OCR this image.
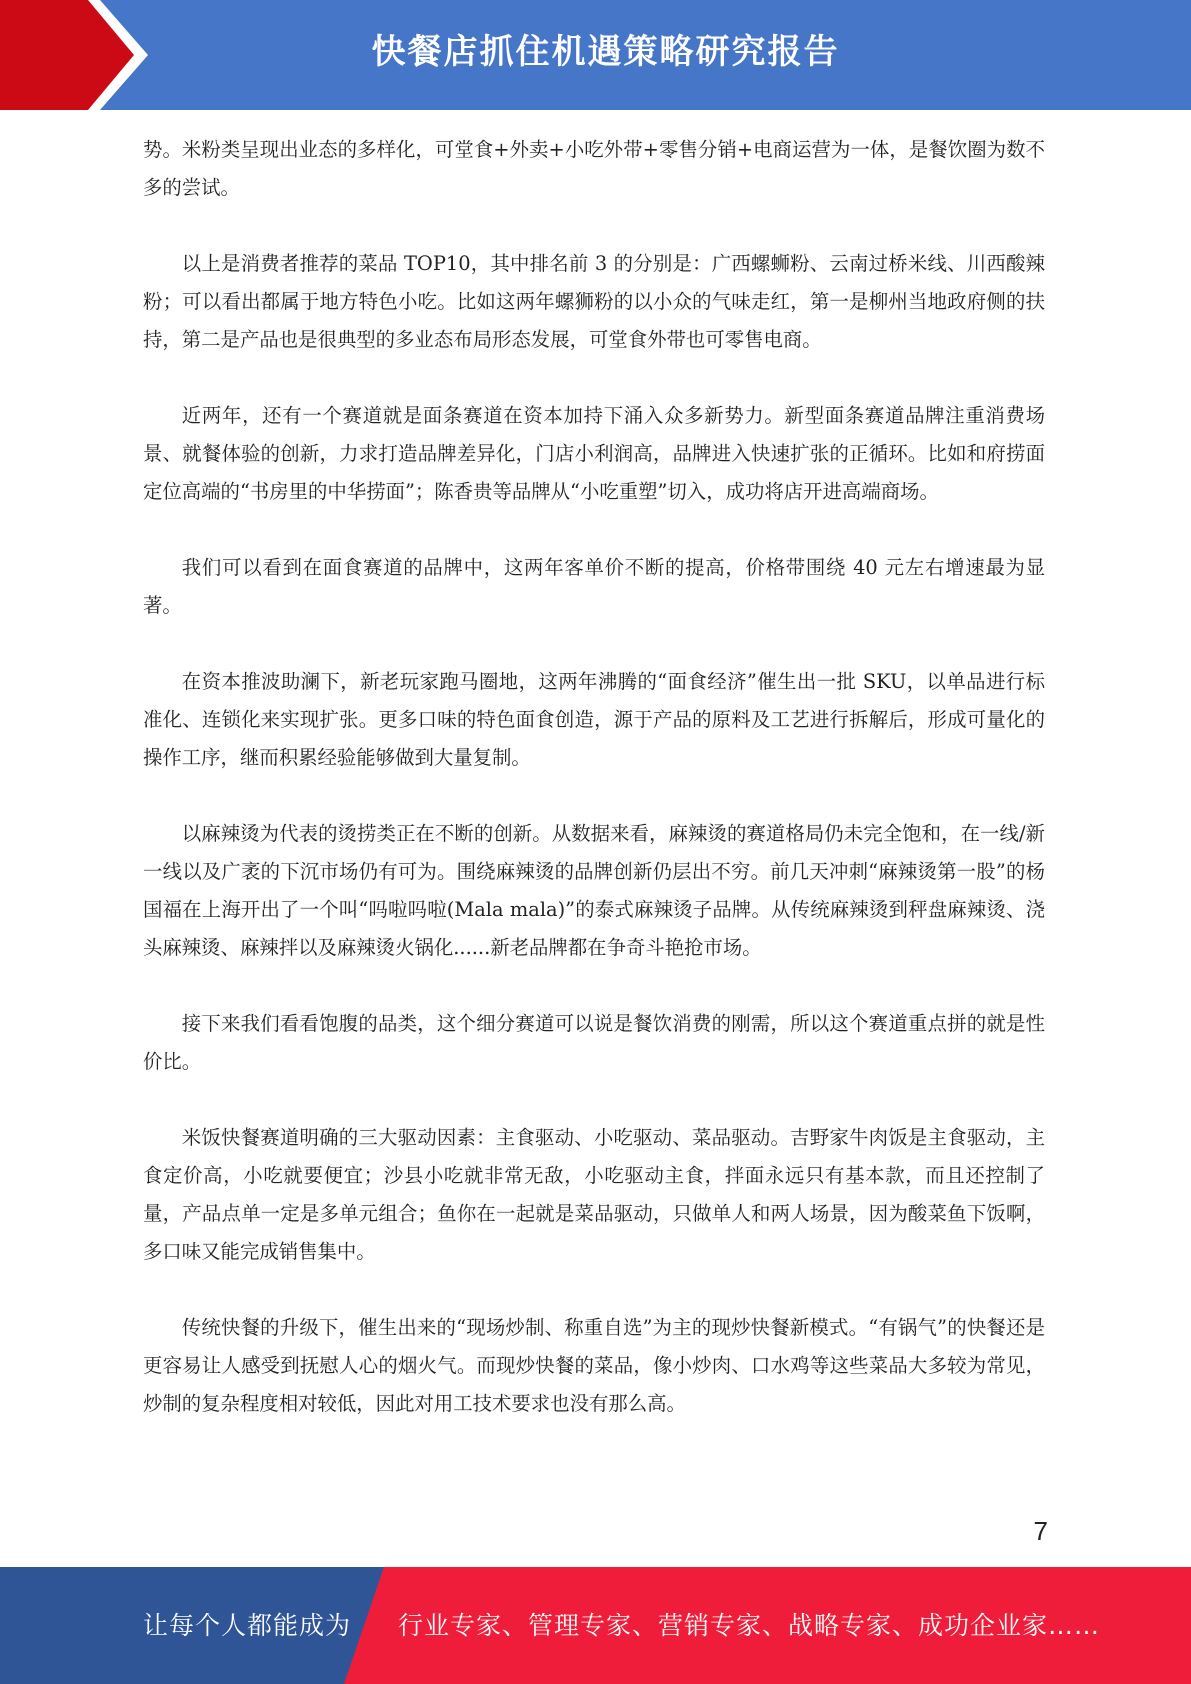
快餐店抓住机遇策略研究报告

势。米粉类呈现出业态的多样化，可堂食+外卖+小吃外带+零售分销+电商运营为一体，是餐饮圈为数不多的尝试。

以上是消费者推荐的菜品 TOP10，其中排名前 3 的分别是：广西螺蛳粉、云南过桥米线、川西酸辣粉；可以看出都属于地方特色小吃。比如这两年螺狮粉的以小众的气味走红，第一是柳州当地政府侧的扶持，第二是产品也是很典型的多业态布局形态发展，可堂食外带也可零售电商。

近两年，还有一个赛道就是面条赛道在资本加持下涌入众多新势力。新型面条赛道品牌注重消费场景、就餐体验的创新，力求打造品牌差异化，门店小利润高，品牌进入快速扩张的正循环。比如和府捞面定位高端的“书房里的中华捞面”；陈香贵等品牌从“小吃重塑”切入，成功将店开进高端商场。

我们可以看到在面食赛道的品牌中，这两年客单价不断的提高，价格带围绕 40 元左右增速最为显著。

在资本推波助澜下，新老玩家跑马圈地，这两年沸腾的“面食经济”催生出一批 SKU，以单品进行标准化、连锁化来实现扩张。更多口味的特色面食创造，源于产品的原料及工艺进行拆解后，形成可量化的操作工序，继而积累经验能够做到大量复制。

以麻辣烫为代表的烫捞类正在不断的创新。从数据来看，麻辣烫的赛道格局仍未完全饱和，在一线/新一线以及广袤的下沉市场仍有可为。围绕麻辣烫的品牌创新仍层出不穷。前几天冲刺“麻辣烫第一股”的杨国福在上海开出了一个叫“吗啦吗啦(Mala mala)”的泰式麻辣烫子品牌。从传统麻辣烫到秤盘麻辣烫、浇头麻辣烫、麻辣拌以及麻辣烫火锅化......新老品牌都在争奇斗艳抢市场。

接下来我们看看饱腹的品类，这个细分赛道可以说是餐饮消费的刚需，所以这个赛道重点拼的就是性价比。

米饭快餐赛道明确的三大驱动因素：主食驱动、小吃驱动、菜品驱动。吉野家牛肉饭是主食驱动，主食定价高，小吃就要便宜；沙县小吃就非常无敌，小吃驱动主食，拌面永远只有基本款，而且还控制了量，产品点单一定是多单元组合；鱼你在一起就是菜品驱动，只做单人和两人场景，因为酸菜鱼下饭啊，多口味又能完成销售集中。

传统快餐的升级下，催生出来的“现场炒制、称重自选”为主的现炒快餐新模式。“有锅气”的快餐还是更容易让人感受到抚慰人心的烟火气。而现炒快餐的菜品，像小炒肉、口水鸡等这些菜品大多较为常见，炒制的复杂程度相对较低，因此对用工技术要求也没有那么高。

7
让每个人都能成为 行业专家、管理专家、营销专家、战略专家、成功企业家……
